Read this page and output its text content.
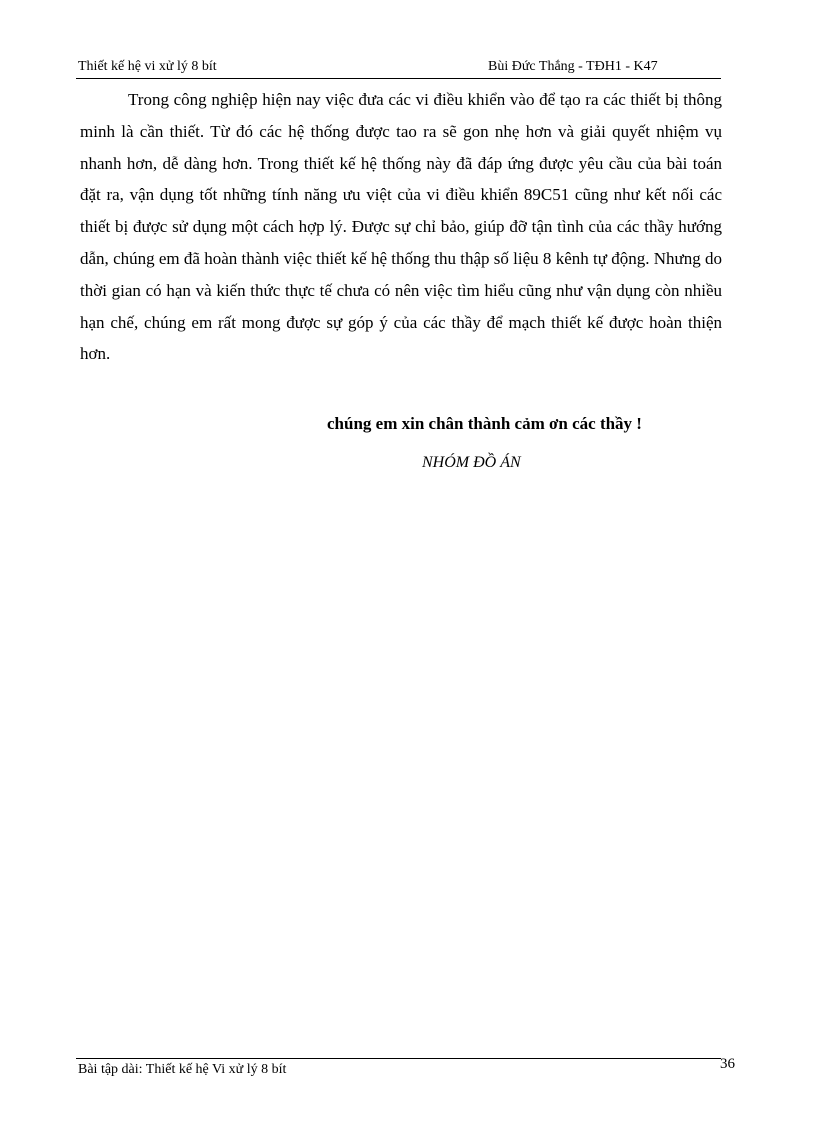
Thiết kế hệ vi xử lý 8 bít	Bùi Đức Thắng - TĐH1 - K47

Trong công nghiệp hiện nay việc đưa các vi điều khiển vào để tạo ra các thiết bị thông minh là cần thiết. Từ đó các hệ thống được tao ra sẽ gon nhẹ hơn và giải quyết nhiệm vụ nhanh hơn, dễ dàng hơn. Trong thiết kế hệ thống này đã đáp ứng được yêu cầu của bài toán đặt ra, vận dụng tốt những tính năng ưu việt của vi điều khiển 89C51 cũng như kết nối các thiết bị được sử dụng một cách hợp lý. Được sự chỉ bảo, giúp đỡ tận tình của các thầy hướng dẫn, chúng em đã hoàn thành việc thiết kế hệ thống thu thập số liệu 8 kênh tự động. Nhưng do thời gian có hạn và kiến thức thực tế chưa có nên việc tìm hiểu cũng như vận dụng còn nhiều hạn chế, chúng em rất mong được sự góp ý của các thầy để mạch thiết kế được hoàn thiện hơn.

chúng em xin chân thành cảm ơn các thầy !
NHÓM ĐỒ ÁN
Bài tập dài: Thiết kế hệ Vi xử lý 8 bít	36
